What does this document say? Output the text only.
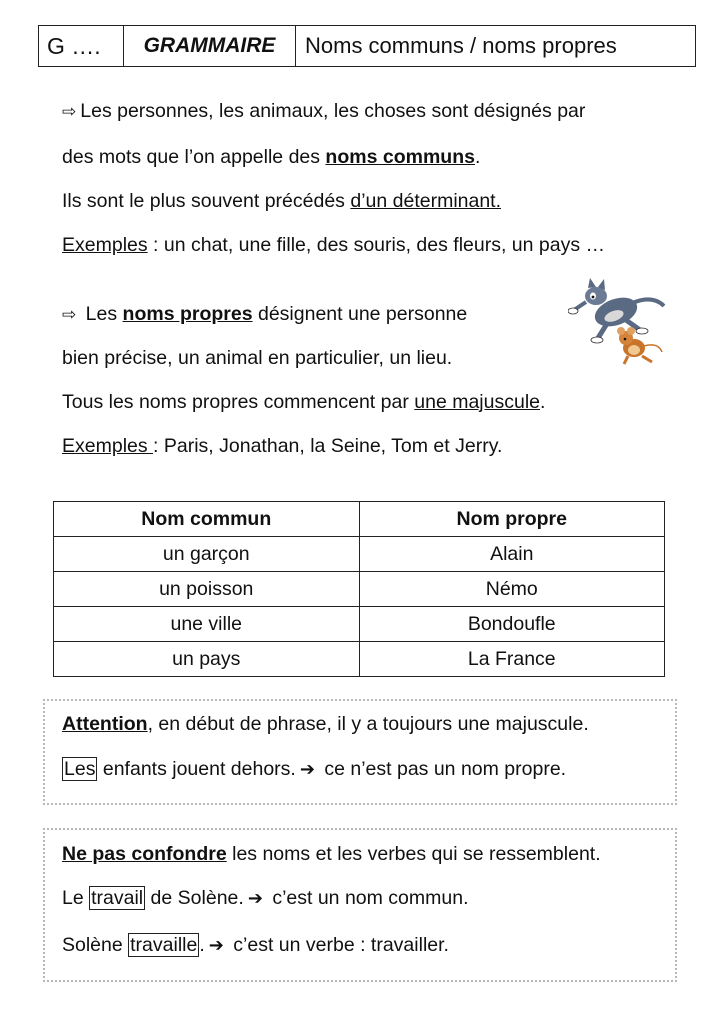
G ….	GRAMMAIRE	Noms communs / noms propres
⇨ Les personnes, les animaux, les choses sont désignés par
des mots que l’on appelle des noms communs.
Ils sont le plus souvent précédés d’un déterminant.
Exemples : un chat, une fille, des souris, des fleurs, un pays …
⇨ Les noms propres désignent une personne
bien précise, un animal en particulier, un lieu.
Tous les noms propres commencent par une majuscule.
Exemples : Paris, Jonathan, la Seine, Tom et Jerry.
Nom commun	Nom propre
un garçon	Alain
un poisson	Némo
une ville	Bondoufle
un pays	La France
Attention, en début de phrase, il y a toujours une majuscule.
Les enfants jouent dehors. ➔ ce n’est pas un nom propre.
Ne pas confondre les noms et les verbes qui se ressemblent.
Le travail de Solène. ➔ c’est un nom commun.
Solène travaille . ➔ c’est un verbe : travailler.
